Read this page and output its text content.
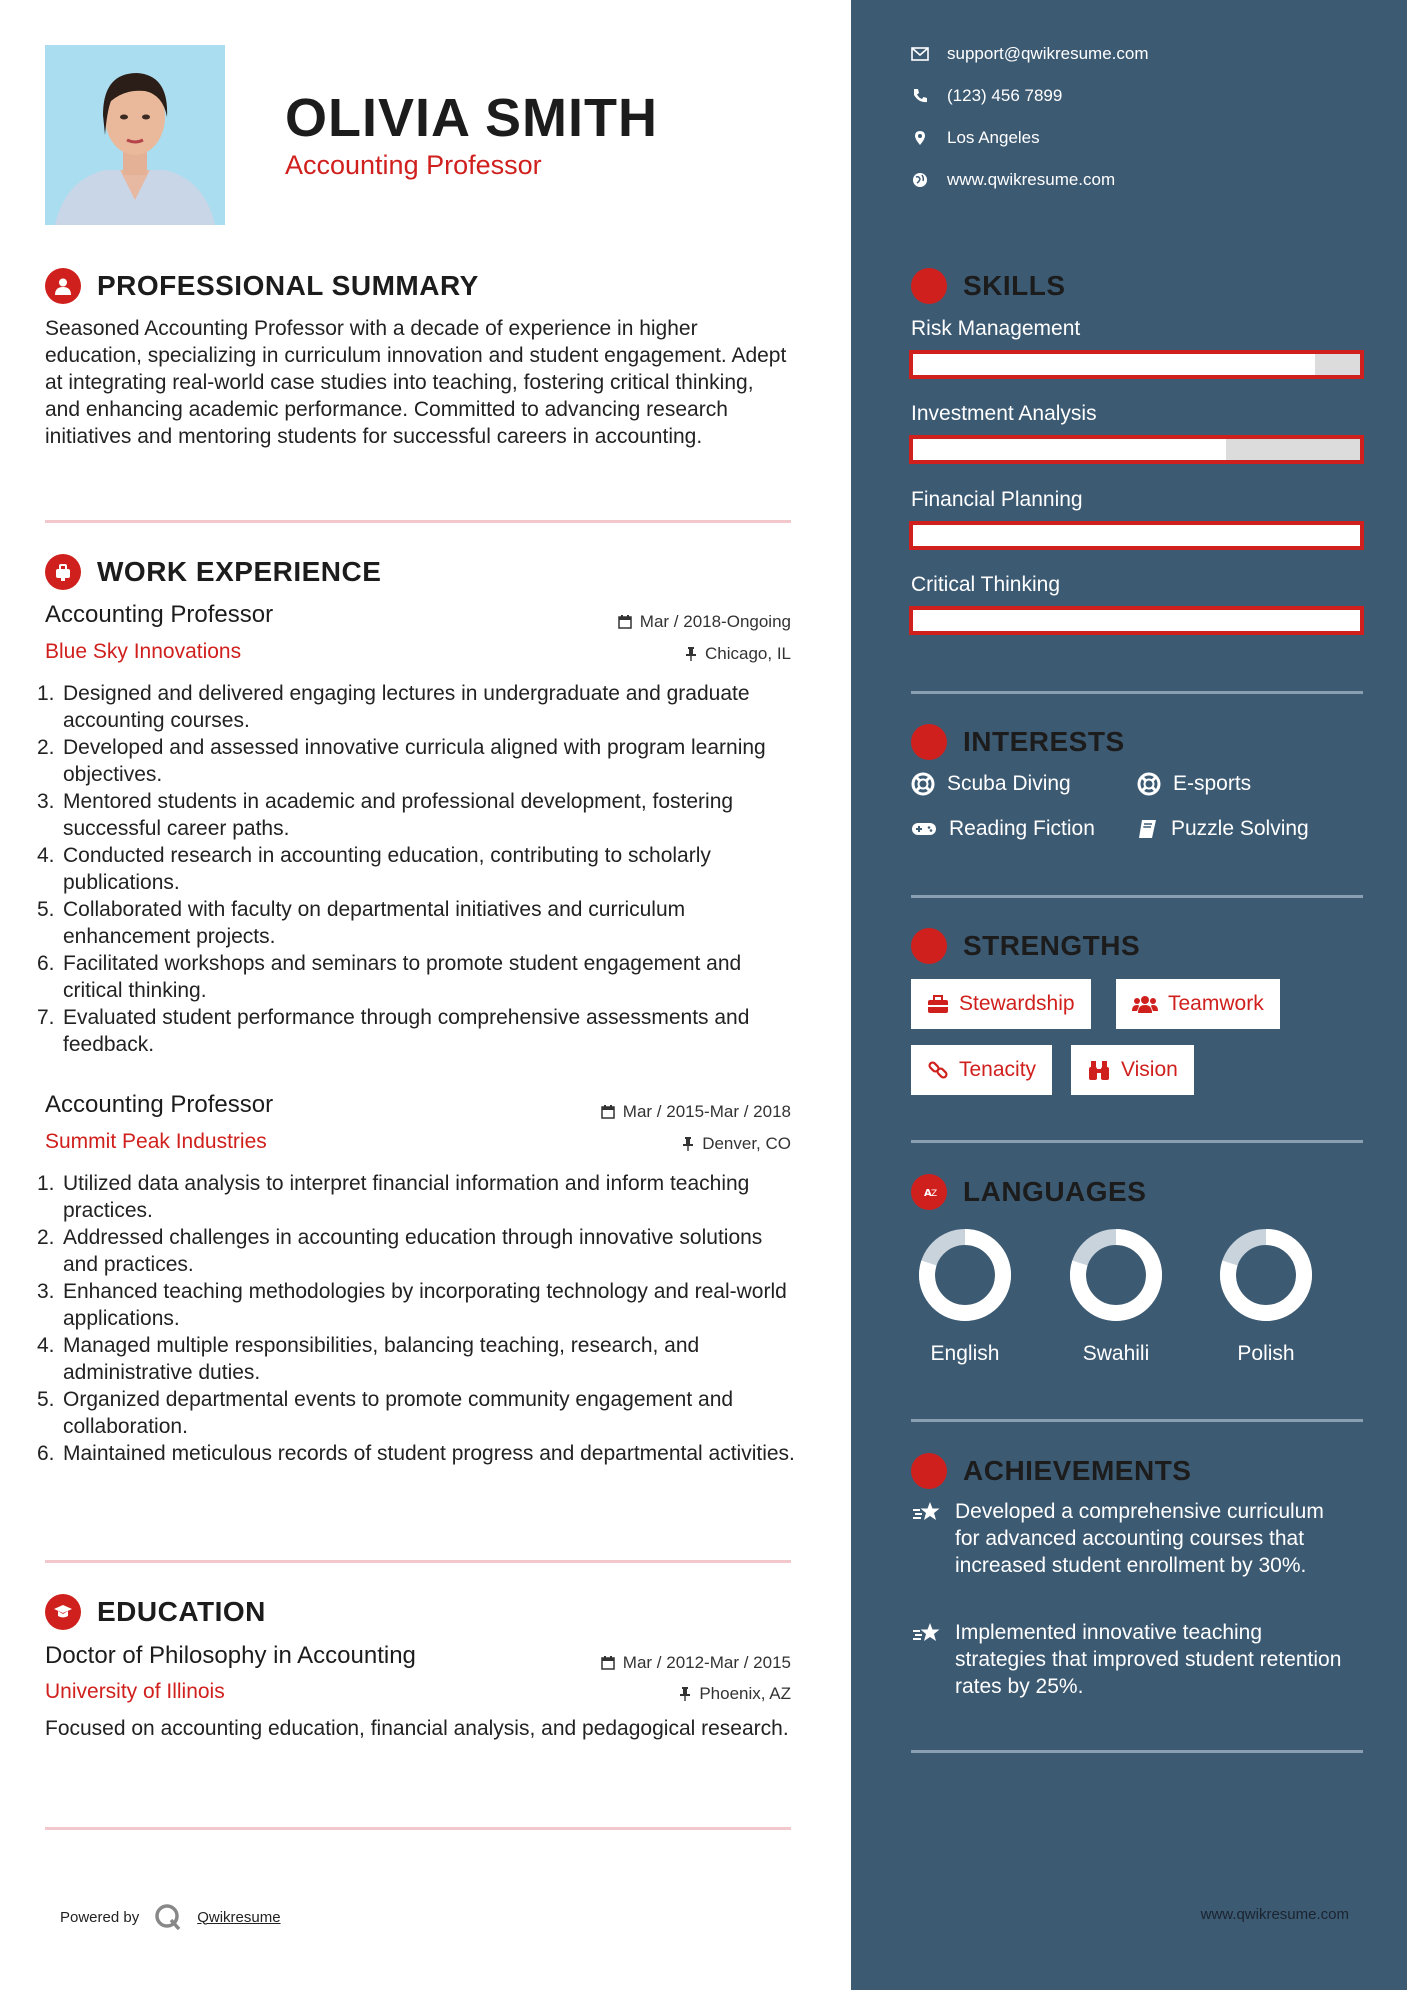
OLIVIA SMITH
Accounting Professor
PROFESSIONAL SUMMARY

Seasoned Accounting Professor with a decade of experience in higher education, specializing in curriculum innovation and student engagement. Adept at integrating real-world case studies into teaching, fostering critical thinking, and enhancing academic performance. Committed to advancing research initiatives and mentoring students for successful careers in accounting.

WORK EXPERIENCE
Accounting Professor	Mar / 2018-Ongoing
Blue Sky Innovations	Chicago, IL
1. Designed and delivered engaging lectures in undergraduate and graduate accounting courses.
2. Developed and assessed innovative curricula aligned with program learning objectives.
3. Mentored students in academic and professional development, fostering successful career paths.
4. Conducted research in accounting education, contributing to scholarly publications.
5. Collaborated with faculty on departmental initiatives and curriculum enhancement projects.
6. Facilitated workshops and seminars to promote student engagement and critical thinking.
7. Evaluated student performance through comprehensive assessments and feedback.
Accounting Professor	Mar / 2015-Mar / 2018
Summit Peak Industries	Denver, CO
1. Utilized data analysis to interpret financial information and inform teaching practices.
2. Addressed challenges in accounting education through innovative solutions and practices.
3. Enhanced teaching methodologies by incorporating technology and real-world applications.
4. Managed multiple responsibilities, balancing teaching, research, and administrative duties.
5. Organized departmental events to promote community engagement and collaboration.
6. Maintained meticulous records of student progress and departmental activities.
EDUCATION
Doctor of Philosophy in Accounting	Mar / 2012-Mar / 2015
University of Illinois	Phoenix, AZ

Focused on accounting education, financial analysis, and pedagogical research.

Powered by	Qwikresume
support@qwikresume.com
(123) 456 7899
Los Angeles
www.qwikresume.com
SKILLS
Risk Management
Investment Analysis
Financial Planning
Critical Thinking
INTERESTS
Scuba Diving	E-sports
Reading Fiction	Puzzle Solving
STRENGTHS
Stewardship	Teamwork
Tenacity	Vision
A Z LANGUAGES
English	Swahili	Polish
ACHIEVEMENTS
Developed a comprehensive curriculum for advanced accounting courses that increased student enrollment by 30%.
Implemented innovative teaching strategies that improved student retention rates by 25%.
www.qwikresume.com
